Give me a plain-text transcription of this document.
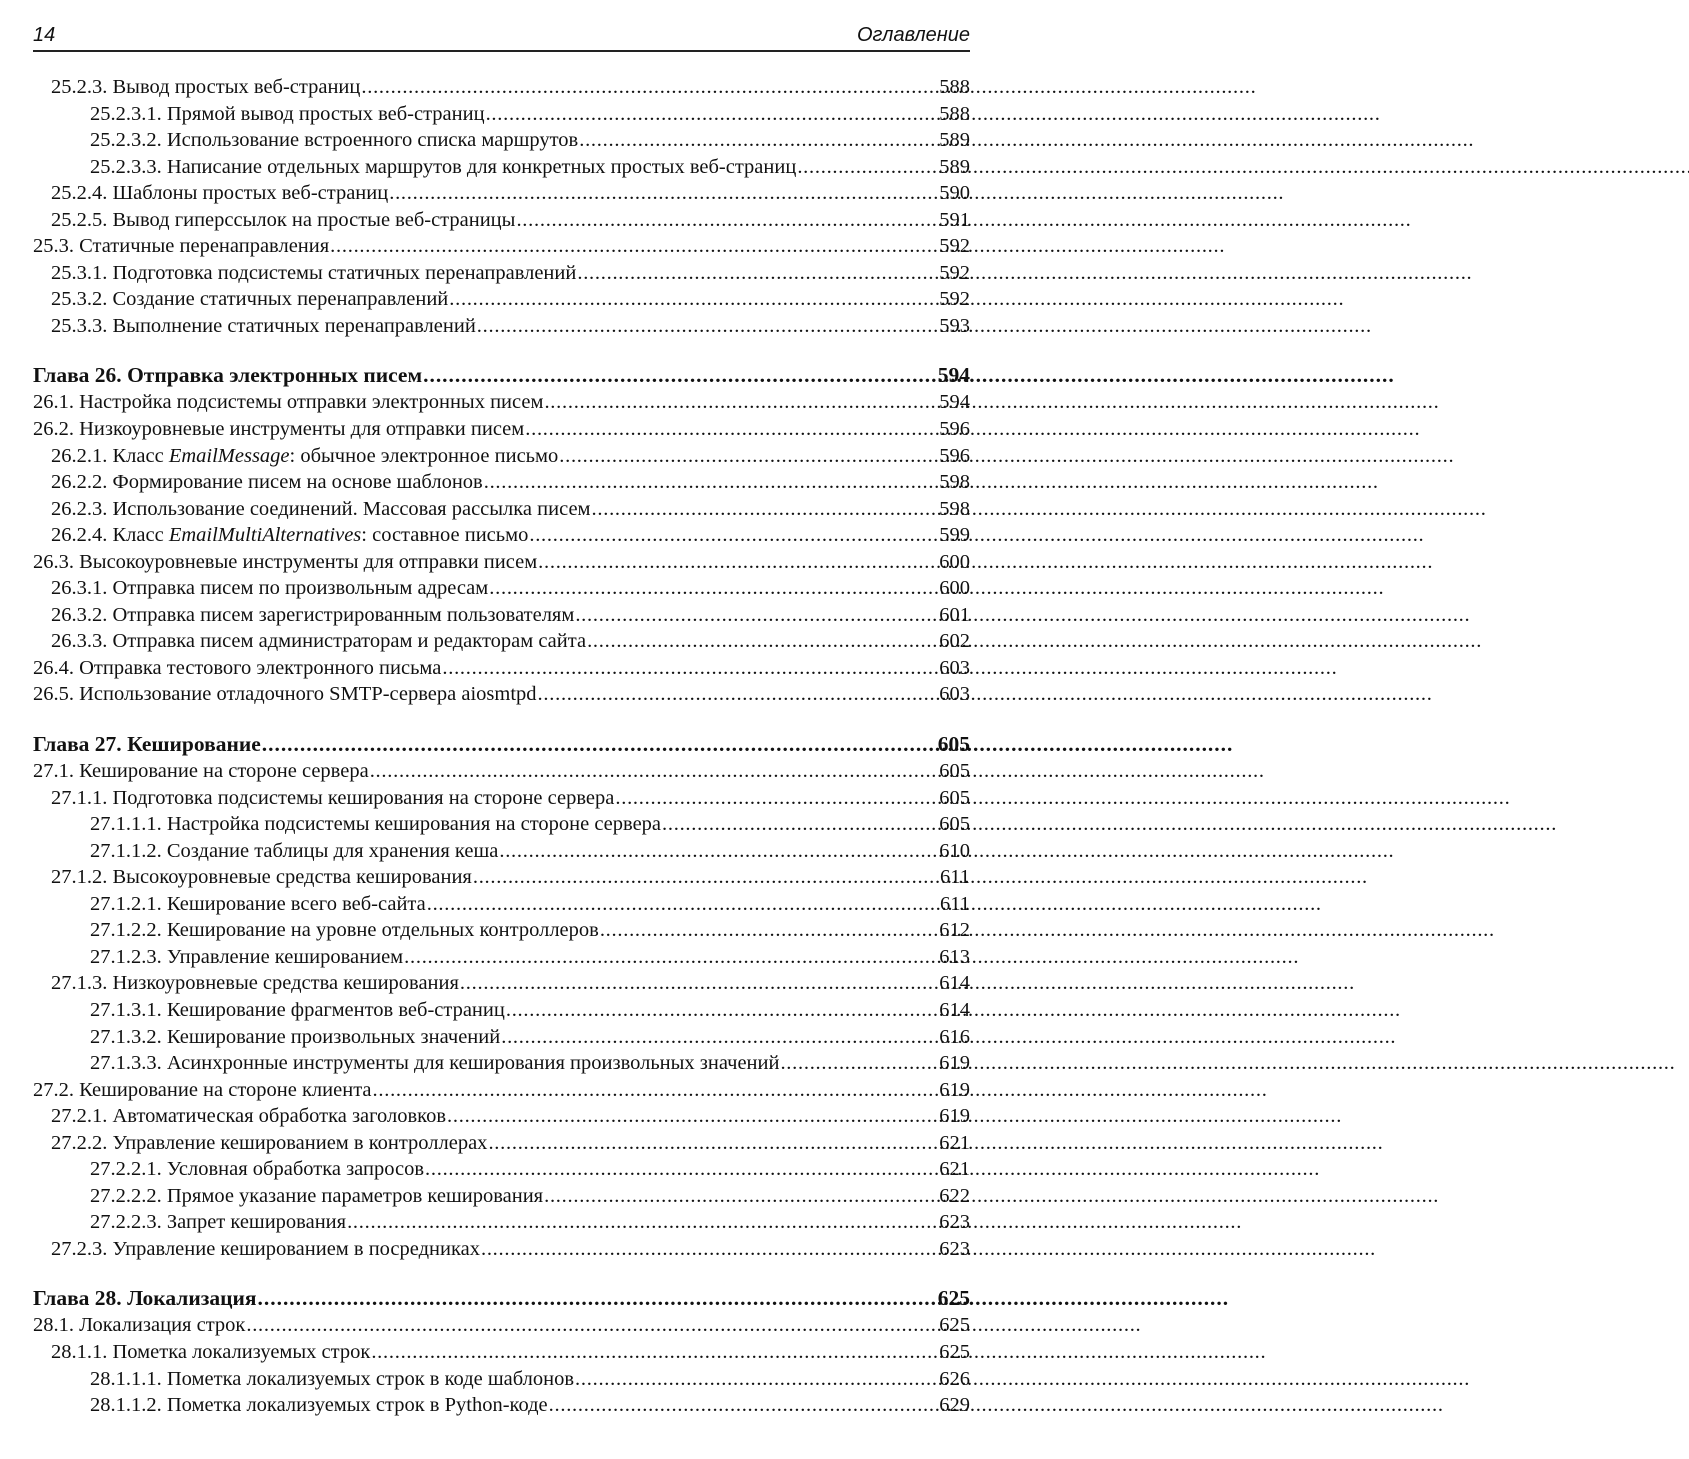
14	Оглавление
25.2.3. Вывод простых веб-страниц . . .	588
25.2.3.1. Прямой вывод простых веб-страниц . . .	588
25.2.3.2. Использование встроенного списка маршрутов . . .	589
25.2.3.3. Написание отдельных маршрутов для конкретных простых веб-страниц . . .	589
25.2.4. Шаблоны простых веб-страниц . . .	590
25.2.5. Вывод гиперссылок на простые веб-страницы . . .	591
25.3. Статичные перенаправления . . .	592
25.3.1. Подготовка подсистемы статичных перенаправлений . . .	592
25.3.2. Создание статичных перенаправлений . . .	592
25.3.3. Выполнение статичных перенаправлений . . .	593
Глава 26. Отправка электронных писем . . .	594
26.1. Настройка подсистемы отправки электронных писем . . .	594
26.2. Низкоуровневые инструменты для отправки писем . . .	596
26.2.1. Класс EmailMessage: обычное электронное письмо . . .	596
26.2.2. Формирование писем на основе шаблонов . . .	598
26.2.3. Использование соединений. Массовая рассылка писем . . .	598
26.2.4. Класс EmailMultiAlternatives: составное письмо . . .	599
26.3. Высокоуровневые инструменты для отправки писем . . .	600
26.3.1. Отправка писем по произвольным адресам . . .	600
26.3.2. Отправка писем зарегистрированным пользователям . . .	601
26.3.3. Отправка писем администраторам и редакторам сайта . . .	602
26.4. Отправка тестового электронного письма . . .	603
26.5. Использование отладочного SMTP-сервера aiosmtpd . . .	603
Глава 27. Кеширование . . .	605
27.1. Кеширование на стороне сервера . . .	605
27.1.1. Подготовка подсистемы кеширования на стороне сервера . . .	605
27.1.1.1. Настройка подсистемы кеширования на стороне сервера . . .	605
27.1.1.2. Создание таблицы для хранения кеша . . .	610
27.1.2. Высокоуровневые средства кеширования . . .	611
27.1.2.1. Кеширование всего веб-сайта . . .	611
27.1.2.2. Кеширование на уровне отдельных контроллеров . . .	612
27.1.2.3. Управление кешированием . . .	613
27.1.3. Низкоуровневые средства кеширования . . .	614
27.1.3.1. Кеширование фрагментов веб-страниц . . .	614
27.1.3.2. Кеширование произвольных значений . . .	616
27.1.3.3. Асинхронные инструменты для кеширования произвольных значений . . .	619
27.2. Кеширование на стороне клиента . . .	619
27.2.1. Автоматическая обработка заголовков . . .	619
27.2.2. Управление кешированием в контроллерах . . .	621
27.2.2.1. Условная обработка запросов . . .	621
27.2.2.2. Прямое указание параметров кеширования . . .	622
27.2.2.3. Запрет кеширования . . .	623
27.2.3. Управление кешированием в посредниках . . .	623
Глава 28. Локализация . . .	625
28.1. Локализация строк . . .	625
28.1.1. Пометка локализуемых строк . . .	625
28.1.1.1. Пометка локализуемых строк в коде шаблонов . . .	626
28.1.1.2. Пометка локализуемых строк в Python-коде . . .	629
